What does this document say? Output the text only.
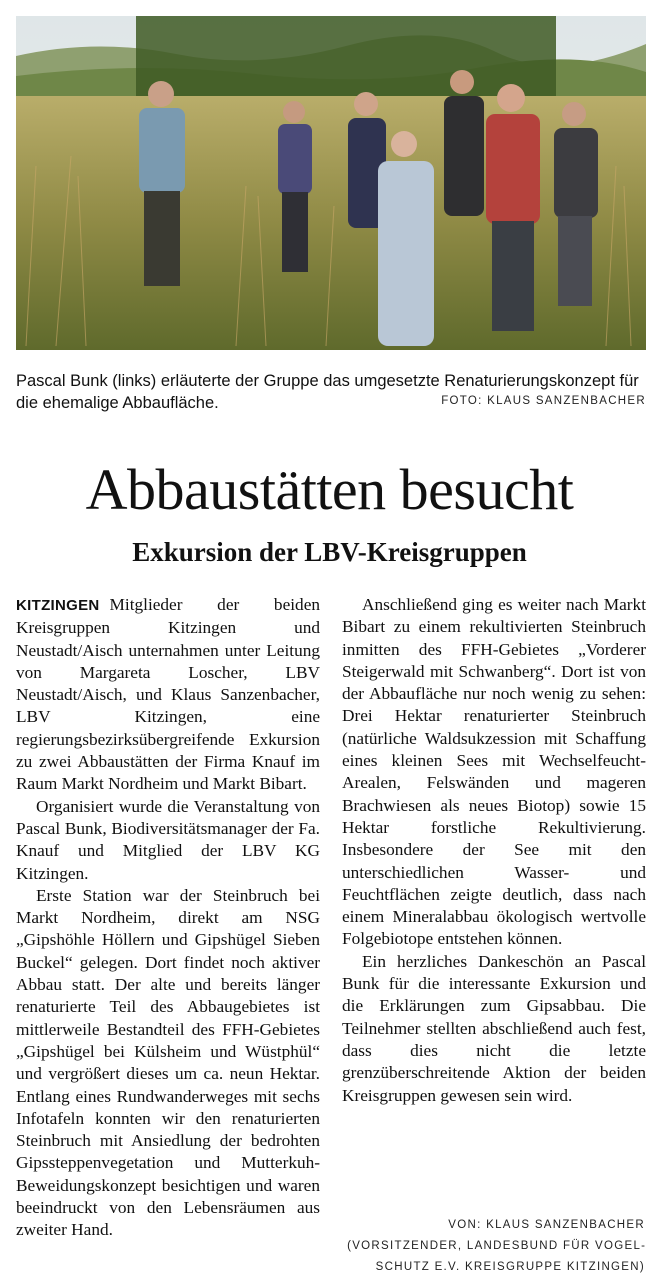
Pascal Bunk (links) erläuterte der Gruppe das umgesetzte Renaturierungskonzept für die ehemalige Abbaufläche.	FOTO: KLAUS SANZENBACHER
Abbaustätten besucht
Exkursion der LBV-Kreisgruppen

KITZINGEN Mitglieder der beiden Kreisgruppen Kitzingen und Neustadt/Aisch unternahmen unter Leitung von Margareta Loscher, LBV Neustadt/Aisch, und Klaus Sanzenbacher, LBV Kitzingen, eine regierungsbezirksübergreifende Exkursion zu zwei Abbaustätten der Firma Knauf im Raum Markt Nordheim und Markt Bibart.

Organisiert wurde die Veranstaltung von Pascal Bunk, Biodiversitätsmanager der Fa. Knauf und Mitglied der LBV KG Kitzingen.

Erste Station war der Steinbruch bei Markt Nordheim, direkt am NSG „Gipshöhle Höllern und Gipshügel Sieben Buckel“ gelegen. Dort findet noch aktiver Abbau statt. Der alte und bereits länger renaturierte Teil des Abbaugebietes ist mittlerweile Bestandteil des FFH-Gebietes „Gipshügel bei Külsheim und Wüstphül“ und vergrößert dieses um ca. neun Hektar. Entlang eines Rundwanderweges mit sechs Infotafeln konnten wir den renaturierten Steinbruch mit Ansiedlung der bedrohten Gipssteppenvegetation und Mutterkuh-Beweidungskonzept besichtigen und waren beeindruckt von den Lebensräumen aus zweiter Hand.

Anschließend ging es weiter nach Markt Bibart zu einem rekultivierten Steinbruch inmitten des FFH-Gebietes „Vorderer Steigerwald mit Schwanberg“. Dort ist von der Abbaufläche nur noch wenig zu sehen: Drei Hektar renaturierter Steinbruch (natürliche Waldsukzession mit Schaffung eines kleinen Sees mit Wechselfeucht-Arealen, Felswänden und mageren Brachwiesen als neues Biotop) sowie 15 Hektar forstliche Rekultivierung. Insbesondere der See mit den unterschiedlichen Wasser- und Feuchtflächen zeigte deutlich, dass nach einem Mineralabbau ökologisch wertvolle Folgebiotope entstehen können.

Ein herzliches Dankeschön an Pascal Bunk für die interessante Exkursion und die Erklärungen zum Gipsabbau. Die Teilnehmer stellten abschließend auch fest, dass dies nicht die letzte grenzüberschreitende Aktion der beiden Kreisgruppen gewesen sein wird.

VON: KLAUS SANZENBACHER
(VORSITZENDER, LANDESBUND FÜR VOGELSCHUTZ E.V. KREISGRUPPE KITZINGEN)
